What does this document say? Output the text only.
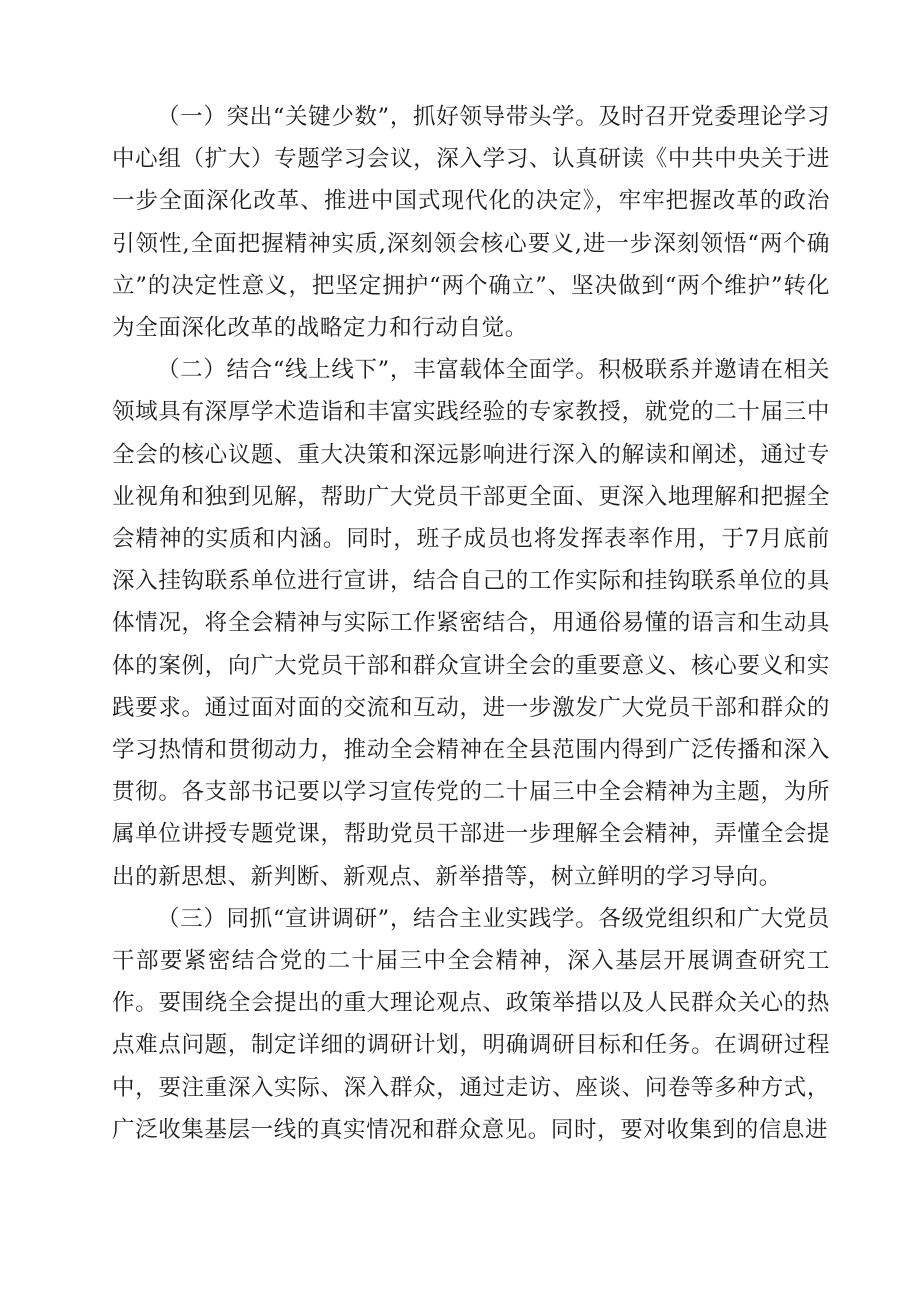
（一）突出“关键少数”，抓好领导带头学。及时召开党委理论学习中心组（扩大）专题学习会议，深入学习、认真研读《中共中央关于进一步全面深化改革、推进中国式现代化的决定》，牢牢把握改革的政治引领性,全面把握精神实质,深刻领会核心要义,进一步深刻领悟“两个确立”的决定性意义，把坚定拥护“两个确立”、坚决做到“两个维护”转化为全面深化改革的战略定力和行动自觉。

（二）结合“线上线下”，丰富载体全面学。积极联系并邀请在相关领域具有深厚学术造诣和丰富实践经验的专家教授，就党的二十届三中全会的核心议题、重大决策和深远影响进行深入的解读和阐述，通过专业视角和独到见解，帮助广大党员干部更全面、更深入地理解和把握全会精神的实质和内涵。同时，班子成员也将发挥表率作用，于7月底前深入挂钩联系单位进行宣讲，结合自己的工作实际和挂钩联系单位的具体情况，将全会精神与实际工作紧密结合，用通俗易懂的语言和生动具体的案例，向广大党员干部和群众宣讲全会的重要意义、核心要义和实践要求。通过面对面的交流和互动，进一步激发广大党员干部和群众的学习热情和贯彻动力，推动全会精神在全县范围内得到广泛传播和深入贯彻。各支部书记要以学习宣传党的二十届三中全会精神为主题，为所属单位讲授专题党课，帮助党员干部进一步理解全会精神，弄懂全会提出的新思想、新判断、新观点、新举措等，树立鲜明的学习导向。

（三）同抓“宣讲调研”，结合主业实践学。各级党组织和广大党员干部要紧密结合党的二十届三中全会精神，深入基层开展调查研究工作。要围绕全会提出的重大理论观点、政策举措以及人民群众关心的热点难点问题，制定详细的调研计划，明确调研目标和任务。在调研过程中，要注重深入实际、深入群众，通过走访、座谈、问卷等多种方式，广泛收集基层一线的真实情况和群众意见。同时，要对收集到的信息进
